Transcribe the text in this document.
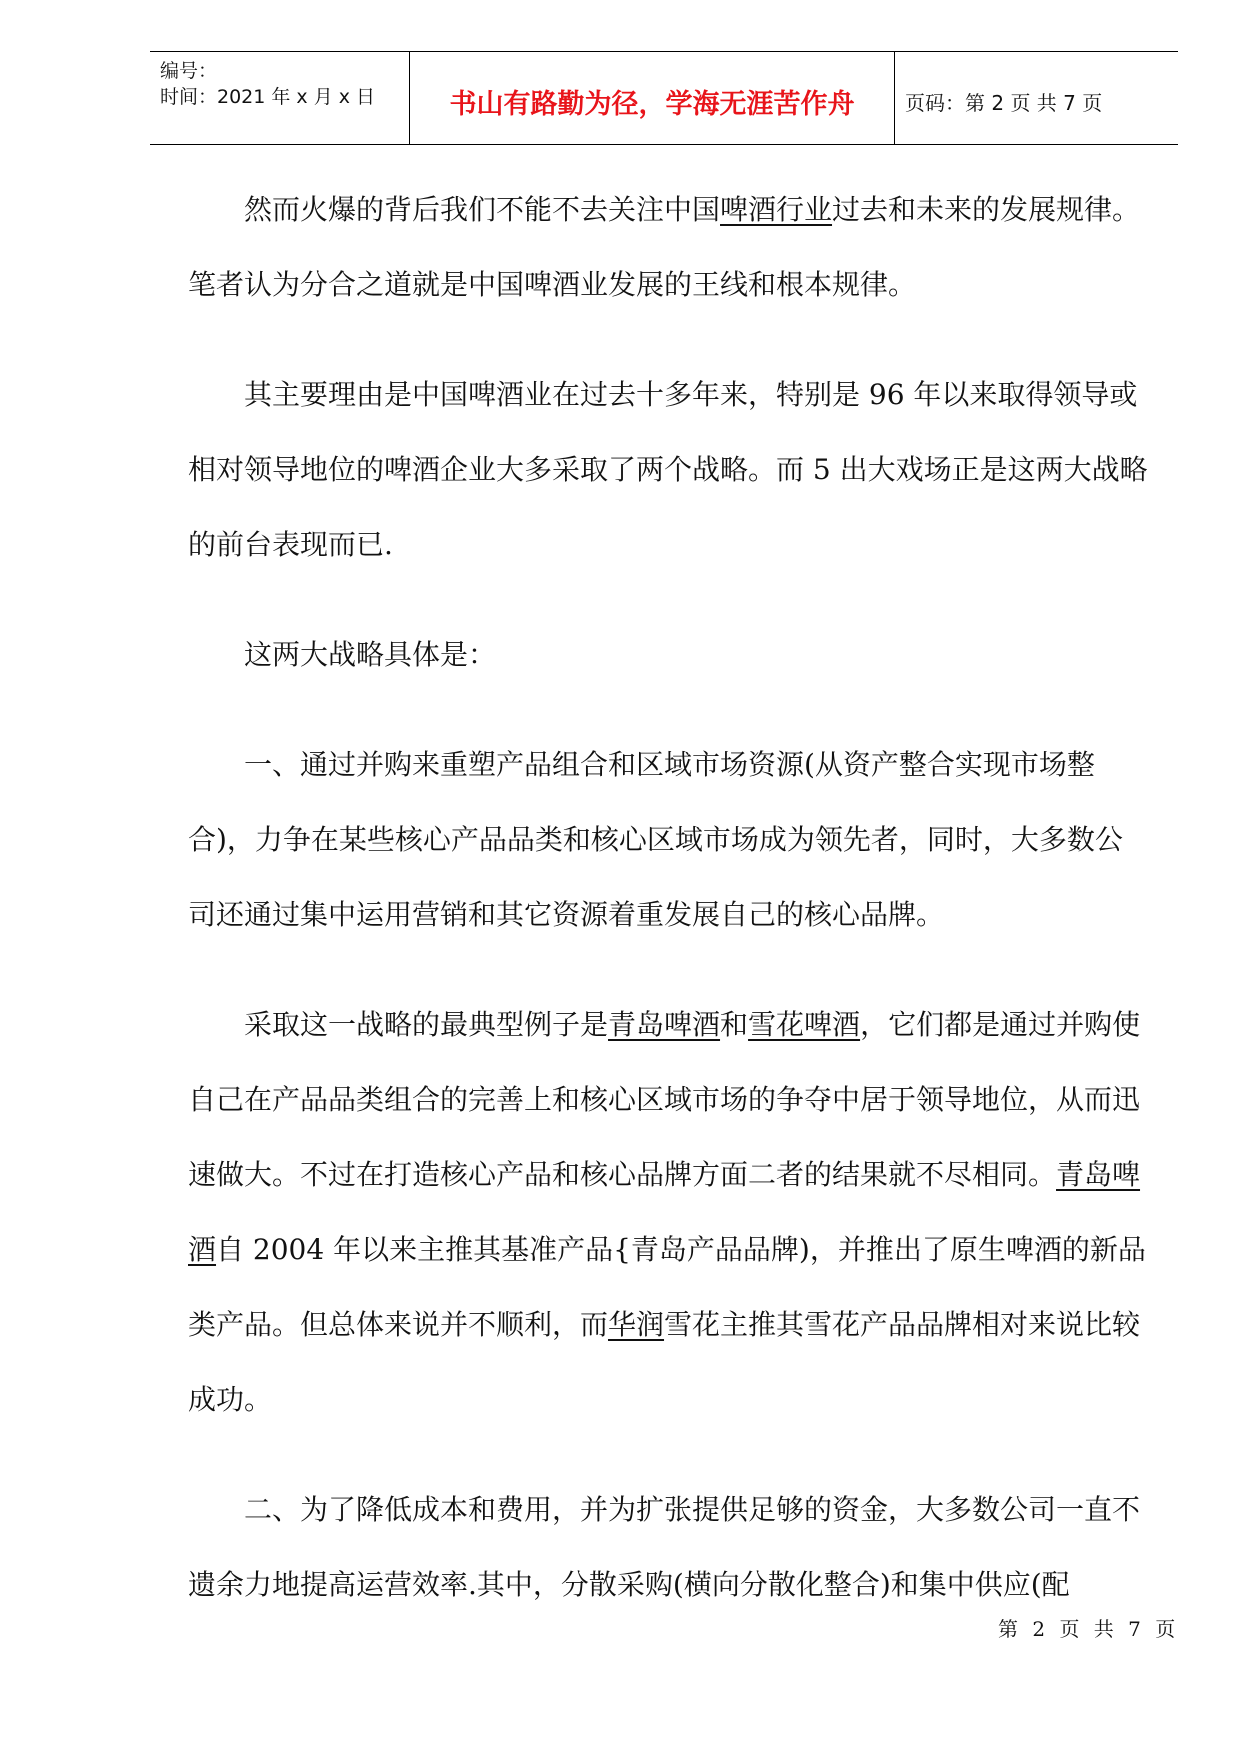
编号：
时间：2021 年 x 月 x 日	书山有路勤为径，学海无涯苦作舟	页码：第 2 页 共 7 页

然而火爆的背后我们不能不去关注中国啤酒行业过去和未来的发展规律。笔者认为分合之道就是中国啤酒业发展的王线和根本规律。

其主要理由是中国啤酒业在过去十多年来，特别是 96 年以来取得领导或相对领导地位的啤酒企业大多采取了两个战略。而 5 出大戏场正是这两大战略的前台表现而已.

这两大战略具体是：

一、通过并购来重塑产品组合和区域市场资源(从资产整合实现市场整合)，力争在某些核心产品品类和核心区域市场成为领先者，同时，大多数公司还通过集中运用营销和其它资源着重发展自己的核心品牌。

采取这一战略的最典型例子是青岛啤酒和雪花啤酒，它们都是通过并购使自己在产品品类组合的完善上和核心区域市场的争夺中居于领导地位，从而迅速做大。不过在打造核心产品和核心品牌方面二者的结果就不尽相同。青岛啤酒自 2004 年以来主推其基准产品{青岛产品品牌)，并推出了原生啤酒的新品类产品。但总体来说并不顺利，而华润雪花主推其雪花产品品牌相对来说比较成功。

二、为了降低成本和费用，并为扩张提供足够的资金，大多数公司一直不遗余力地提高运营效率.其中，分散采购(横向分散化整合)和集中供应(配

第 2 页 共 7 页
